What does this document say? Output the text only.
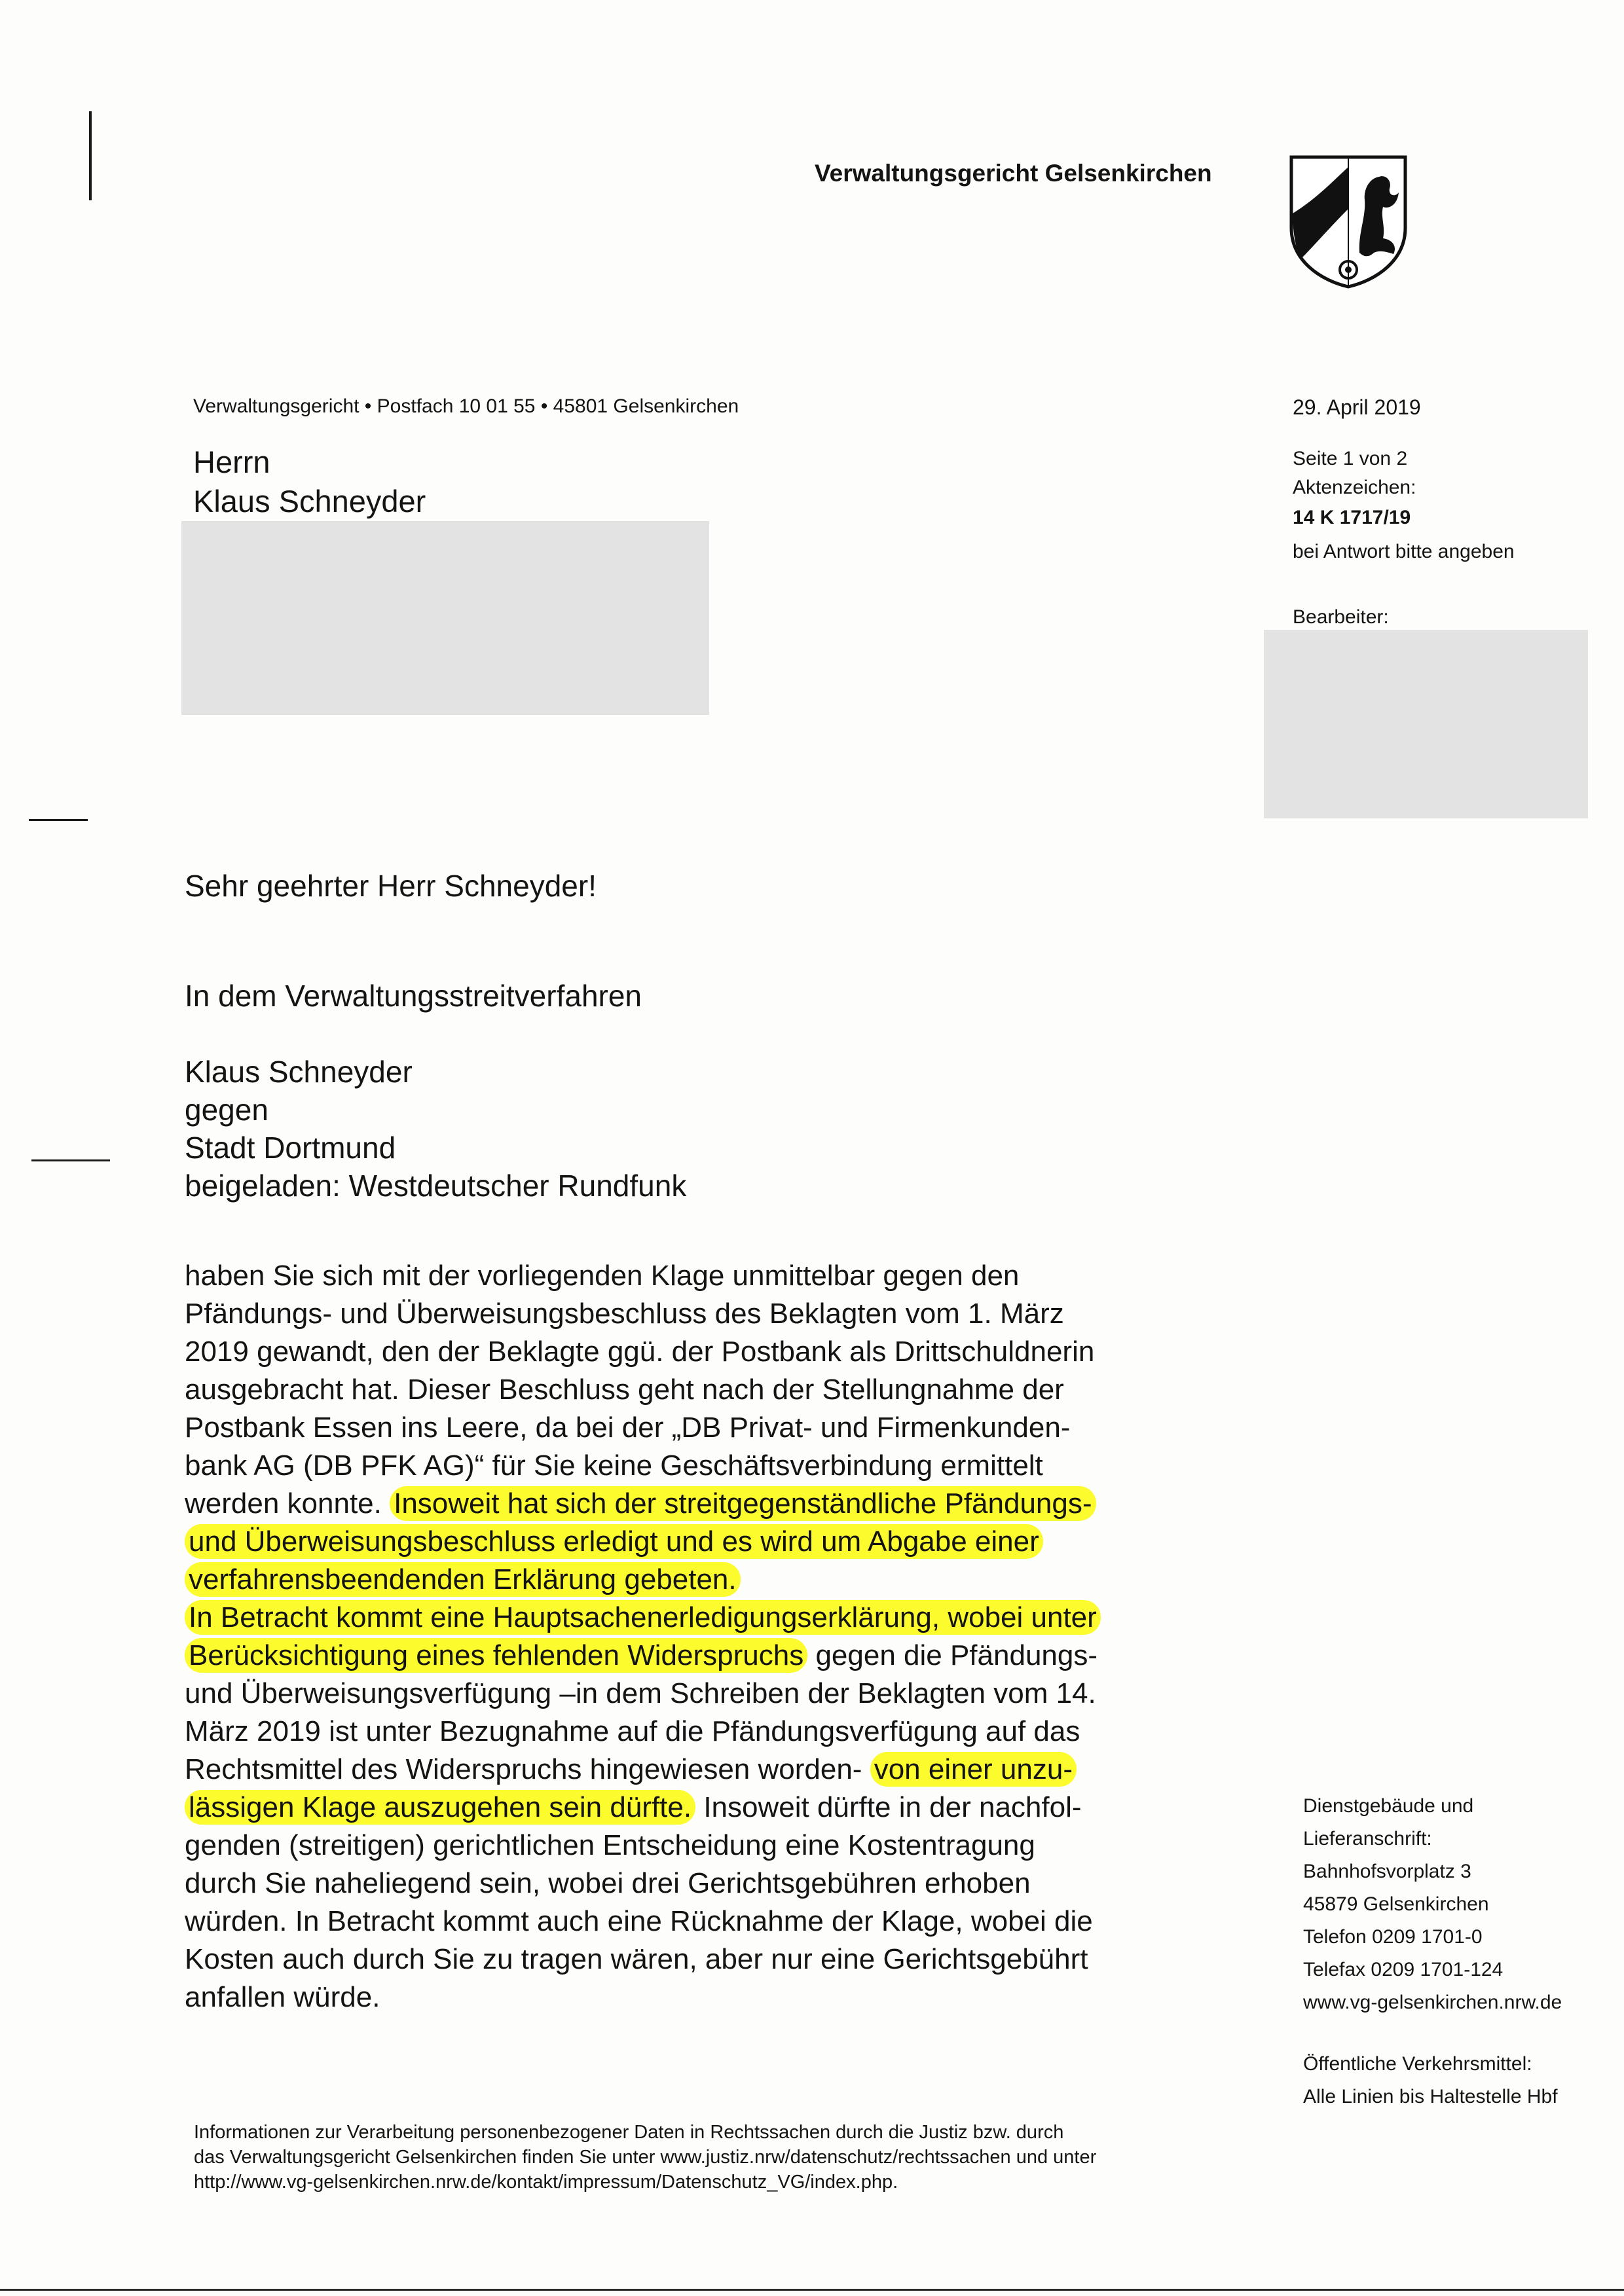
Verwaltungsgericht Gelsenkirchen
Verwaltungsgericht • Postfach 10 01 55 • 45801 Gelsenkirchen
Herrn
Klaus Schneyder
29. April 2019
Seite 1 von 2
Aktenzeichen:
14 K 1717/19
bei Antwort bitte angeben
Bearbeiter:
Sehr geehrter Herr Schneyder!
In dem Verwaltungsstreitverfahren
Klaus Schneyder
gegen
Stadt Dortmund
beigeladen: Westdeutscher Rundfunk
haben Sie sich mit der vorliegenden Klage unmittelbar gegen den
Pfändungs- und Überweisungsbeschluss des Beklagten vom 1. März
2019 gewandt, den der Beklagte ggü. der Postbank als Drittschuldnerin
ausgebracht hat. Dieser Beschluss geht nach der Stellungnahme der
Postbank Essen ins Leere, da bei der „DB Privat- und Firmenkunden-
bank AG (DB PFK AG)“ für Sie keine Geschäftsverbindung ermittelt
werden konnte. Insoweit hat sich der streitgegenständliche Pfändungs-
und Überweisungsbeschluss erledigt und es wird um Abgabe einer
verfahrensbeendenden Erklärung gebeten.
In Betracht kommt eine Hauptsachenerledigungserklärung, wobei unter
Berücksichtigung eines fehlenden Widerspruchs gegen die Pfändungs-
und Überweisungsverfügung –in dem Schreiben der Beklagten vom 14.
März 2019 ist unter Bezugnahme auf die Pfändungsverfügung auf das
Rechtsmittel des Widerspruchs hingewiesen worden- von einer unzu-
lässigen Klage auszugehen sein dürfte. Insoweit dürfte in der nachfol-
genden (streitigen) gerichtlichen Entscheidung eine Kostentragung
durch Sie naheliegend sein, wobei drei Gerichtsgebühren erhoben
würden. In Betracht kommt auch eine Rücknahme der Klage, wobei die
Kosten auch durch Sie zu tragen wären, aber nur eine Gerichtsgebührt
anfallen würde.
Dienstgebäude und
Lieferanschrift:
Bahnhofsvorplatz 3
45879 Gelsenkirchen
Telefon 0209 1701-0
Telefax 0209 1701-124
www.vg-gelsenkirchen.nrw.de
Öffentliche Verkehrsmittel:
Alle Linien bis Haltestelle Hbf
Informationen zur Verarbeitung personenbezogener Daten in Rechtssachen durch die Justiz bzw. durch
das Verwaltungsgericht Gelsenkirchen finden Sie unter www.justiz.nrw/datenschutz/rechtssachen und unter
http://www.vg-gelsenkirchen.nrw.de/kontakt/impressum/Datenschutz_VG/index.php.
